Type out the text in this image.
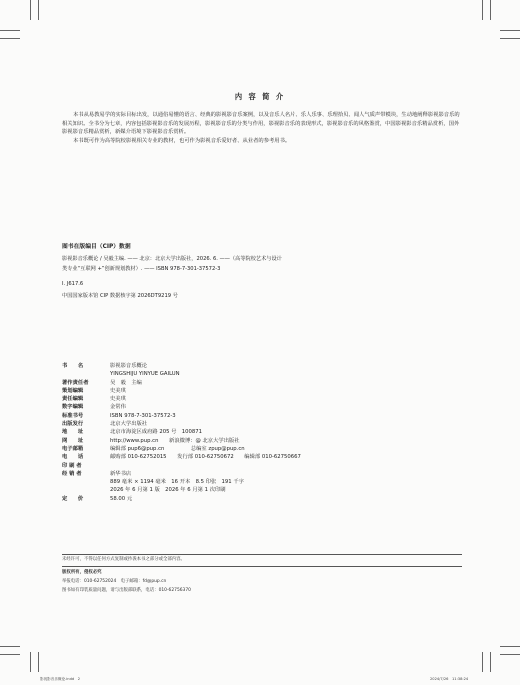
内 容 简 介

本书从易教易学的实际目标出发，以通俗易懂的语言、经典的影视影音乐案例，以及音乐人名片、乐人乐事、乐理拾贝、闻人气质声带模块，生动地阐释影视影音乐的相关知识。全书分为七章，内容包括影视影音乐的发展历程，影视影音乐的分类与作用，影视影音乐的表现形式，影视影音乐的风格鉴赏，中国影视影音乐精品赏析，国外影视影音乐精品赏析，新媒介语境下影视影音乐赏析。

本书既可作为高等院校影视相关专业的教材，也可作为影视音乐爱好者、从业者的参考用书。

图书在版编目（CIP）数据
影视影音乐概论 / 吴毅主编. —— 北京：北京大学出版社，2026. 6. ——（高等院校艺术与设计
类专业“互联网 +”创新规划教材）. —— ISBN 978-7-301-37572-3
Ⅰ. J617.6
中国国家版本馆 CIP 数据核字第 2026DT9219 号
书　　名	影视影音乐概论
YINGSHIJU YINYUE GAILUN
著作责任者	吴　毅　主编
策划编辑	史美琪
责任编辑	史美琪
数字编辑	金常伟
标准书号	ISBN 978-7-301-37572-3
出版发行	北京大学出版社
地　　址	北京市海淀区成府路 205 号　100871
网　　址	http://www.pup.cn　　新浪微博：@ 北京大学出版社
电子邮箱	编辑部 pup6@pup.cn　　　　　总编室 zpup@pup.cn
电　　话	邮购部 010-62752015　　发行部 010-62750672　　编辑部 010-62750667
印 刷 者
经 销 者	新华书店
889 毫米 × 1194 毫米　16 开本　8.5 印张　191 千字
2026 年 6 月第 1 版　2026 年 6 月第 1 次印刷
定　　价	58.00 元
未经许可，不得以任何方式复制或抄袭本书之部分或全部内容。
版权所有，侵权必究
举报电话：010-62752024　电子邮箱：fd@pup.cn
图书如有印装质量问题，请与出版部联系，电话：010-62756370
影视影音乐概论.indd　2	2024/7/26　11:38:24
